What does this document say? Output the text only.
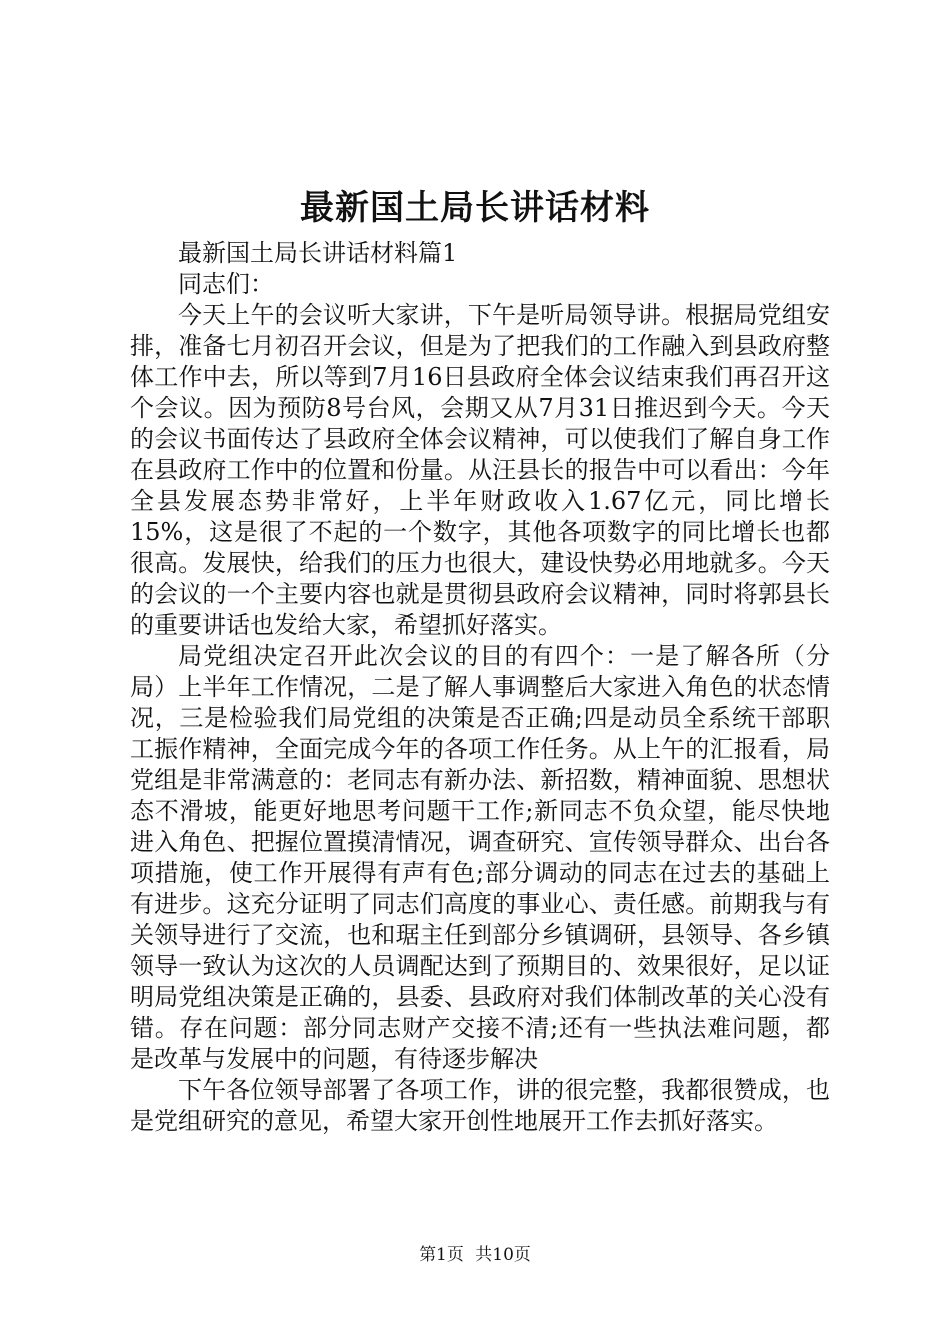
最新国土局长讲话材料

最新国土局长讲话材料篇1

同志们：

今天上午的会议听大家讲，下午是听局领导讲。根据局党组安排，准备七月初召开会议，但是为了把我们的工作融入到县政府整体工作中去，所以等到7月16日县政府全体会议结束我们再召开这个会议。因为预防8号台风，会期又从7月31日推迟到今天。今天的会议书面传达了县政府全体会议精神，可以使我们了解自身工作在县政府工作中的位置和份量。从汪县长的报告中可以看出：今年全县发展态势非常好，上半年财政收入1.67亿元，同比增长15%，这是很了不起的一个数字，其他各项数字的同比增长也都很高。发展快，给我们的压力也很大，建设快势必用地就多。今天的会议的一个主要内容也就是贯彻县政府会议精神，同时将郭县长的重要讲话也发给大家，希望抓好落实。

局党组决定召开此次会议的目的有四个：一是了解各所（分局）上半年工作情况，二是了解人事调整后大家进入角色的状态情况，三是检验我们局党组的决策是否正确;四是动员全系统干部职工振作精神，全面完成今年的各项工作任务。从上午的汇报看，局党组是非常满意的：老同志有新办法、新招数，精神面貌、思想状态不滑坡，能更好地思考问题干工作;新同志不负众望，能尽快地进入角色、把握位置摸清情况，调查研究、宣传领导群众、出台各项措施，使工作开展得有声有色;部分调动的同志在过去的基础上有进步。这充分证明了同志们高度的事业心、责任感。前期我与有关领导进行了交流，也和琚主任到部分乡镇调研，县领导、各乡镇领导一致认为这次的人员调配达到了预期目的、效果很好，足以证明局党组决策是正确的，县委、县政府对我们体制改革的关心没有错。存在问题：部分同志财产交接不清;还有一些执法难问题，都是改革与发展中的问题，有待逐步解决

下午各位领导部署了各项工作，讲的很完整，我都很赞成，也是党组研究的意见，希望大家开创性地展开工作去抓好落实。

第1页 共10页
